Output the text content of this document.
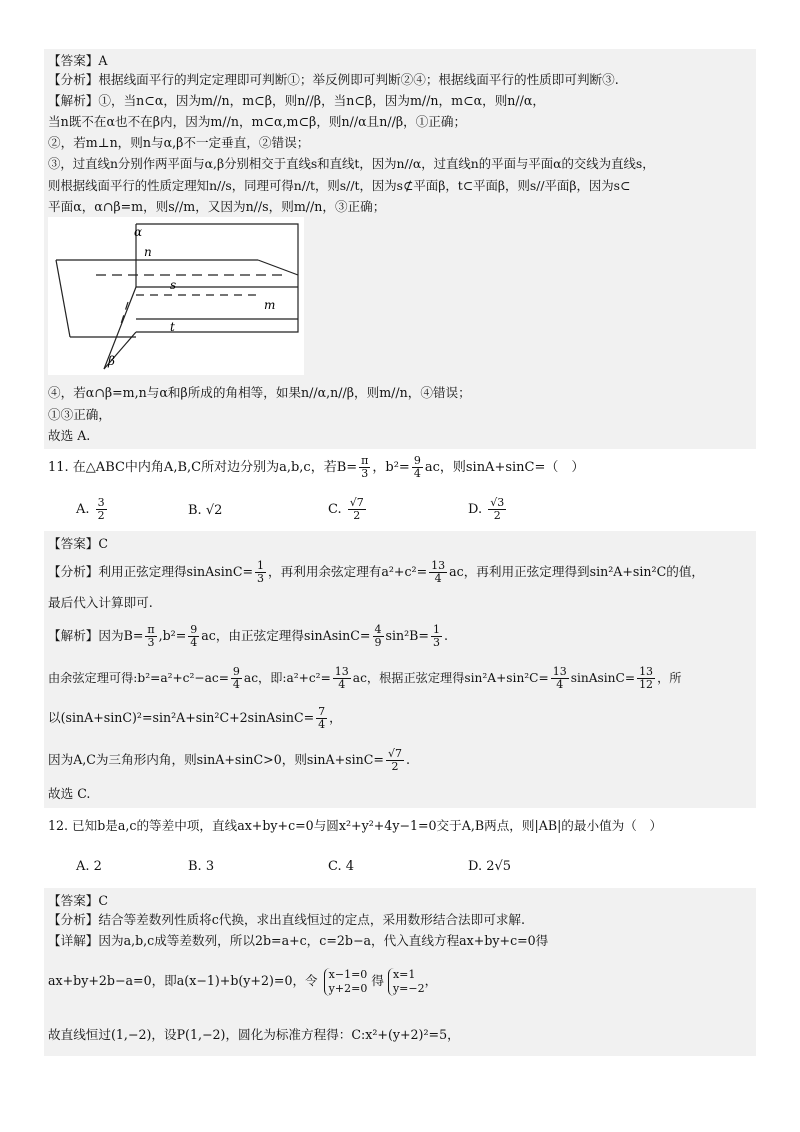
【答案】A
【分析】根据线面平行的判定定理即可判断①；举反例即可判断②④；根据线面平行的性质即可判断③.
【解析】①，当n⊂α，因为m//n，m⊂β，则n//β，当n⊂β，因为m//n，m⊂α，则n//α，
当n既不在α也不在β内，因为m//n，m⊂α,m⊂β，则n//α且n//β，①正确；
②，若m⊥n，则n与α,β不一定垂直，②错误；
③，过直线n分别作两平面与α,β分别相交于直线s和直线t，因为n//α，过直线n的平面与平面α的交线为直线s，
则根据线面平行的性质定理知n//s，同理可得n//t，则s//t，因为s⊄平面β，t⊂平面β，则s//平面β，因为s⊂
平面α，α∩β=m，则s//m，又因为n//s，则m//n，③正确；
α
β
n
s
t
m
④，若α∩β=m,n与α和β所成的角相等，如果n//α,n//β，则m//n，④错误；
①③正确，
故选 A.
11. 在△ABC中内角A,B,C所对边分别为a,b,c，若$B= \frac{\pi}{3}$ ，$b^2= \frac{9}{4}$ ac，则sinA+sinC=（　）
A. $\frac{3}{2}$	B. √2	C. $\frac{√7}{2}$	D. $\frac{√3}{2}$
【答案】C
【分析】利用正弦定理得sinAsinC= $\frac{1}{3}$ ，再利用余弦定理有$a^2+c^2= \frac{13}{4}$ ac，再利用正弦定理得到sin²A+sin²C的值，
最后代入计算即可.
【解析】因为$B= \frac{\pi}{3} ,b^2= \frac{9}{4}$ ac，由正弦定理得sinAsinC= $\frac{4}{9} \sin^2B= \frac{1}{3}$ .
由余弦定理可得:b²=a²+c²−ac= $\frac{9}{4}$ ac，即:a²+c²= $\frac{13}{4}$ ac，根据正弦定理得$\sin^2A+\sin^2C= \frac{13}{4}$ sinAsinC= $\frac{13}{12}$ ，所
以(sinA+sinC)²=sin²A+sin²C+2sinAsinC= $\frac{7}{4}$ ，
因为A,C为三角形内角，则sinA+sinC>0，则$\sin A+\sin C= \frac{√7}{2}$ .
故选 C.
12. 已知b是a,c的等差中项，直线ax+by+c=0与圆x²+y²+4y−1=0交于A,B两点，则|AB|的最小值为（　）
A. 2	B. 3	C. 4	D. 2√5
【答案】C
【分析】结合等差数列性质将c代换，求出直线恒过的定点，采用数形结合法即可求解.
【详解】因为a,b,c成等差数列，所以2b=a+c，c=2b−a，代入直线方程ax+by+c=0得
ax+by+2b−a=0，即a(x−1)+b(y+2)=0，令 x−1=0
y+2=0 得 x=1
y=−2 ，
故直线恒过(1,−2)，设P(1,−2)，圆化为标准方程得：C:x²+(y+2)²=5，
